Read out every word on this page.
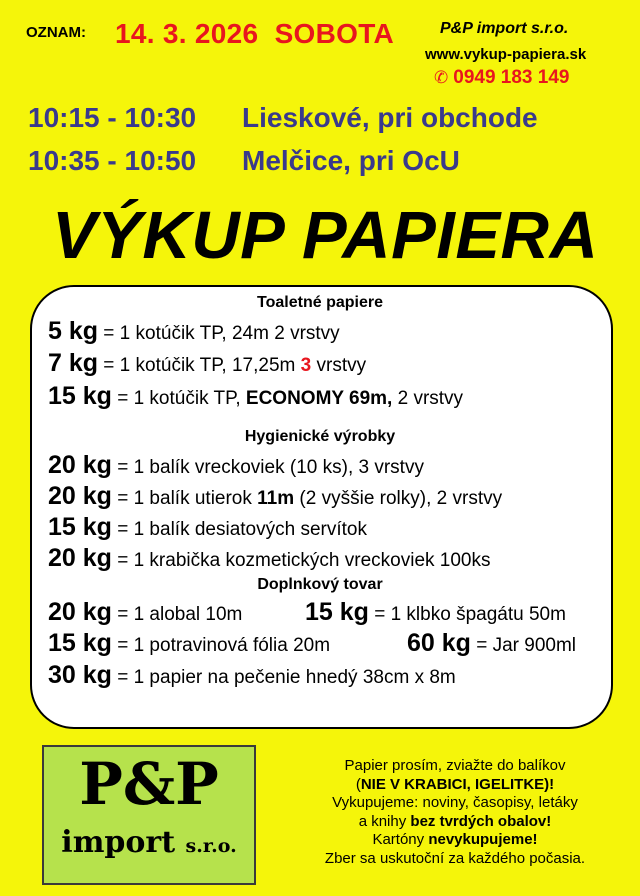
OZNAM: 14. 3. 2026  SOBOTA	P&P import s.r.o.
www.vykup-papiera.sk
✆ 0949 183 149
10:15 - 10:30 Lieskové, pri obchode
10:35 - 10:50 Melčice, pri OcU
VÝKUP PAPIERA
Toaletné papiere
5 kg = 1 kotúčik TP, 24m 2 vrstvy
7 kg = 1 kotúčik TP, 17,25m 3 vrstvy
15 kg = 1 kotúčik TP, ECONOMY 69m, 2 vrstvy
Hygienické výrobky
20 kg = 1 balík vreckoviek (10 ks), 3 vrstvy
20 kg = 1 balík utierok 11m (2 vyššie rolky), 2 vrstvy
15 kg = 1 balík desiatových servítok
20 kg = 1 krabička kozmetických vreckoviek 100ks
Doplnkový tovar
20 kg = 1 alobal 10m	15 kg = 1 klbko špagátu 50m
15 kg = 1 potravinová fólia 20m	60 kg = Jar 900ml
30 kg = 1 papier na pečenie hnedý 38cm x 8m
P&P
import s.r.o.
Papier prosím, zviažte do balíkov
(NIE V KRABICI, IGELITKE)!
Vykupujeme: noviny, časopisy, letáky
a knihy bez tvrdých obalov!
Kartóny nevykupujeme!
Zber sa uskutoční za každého počasia.
